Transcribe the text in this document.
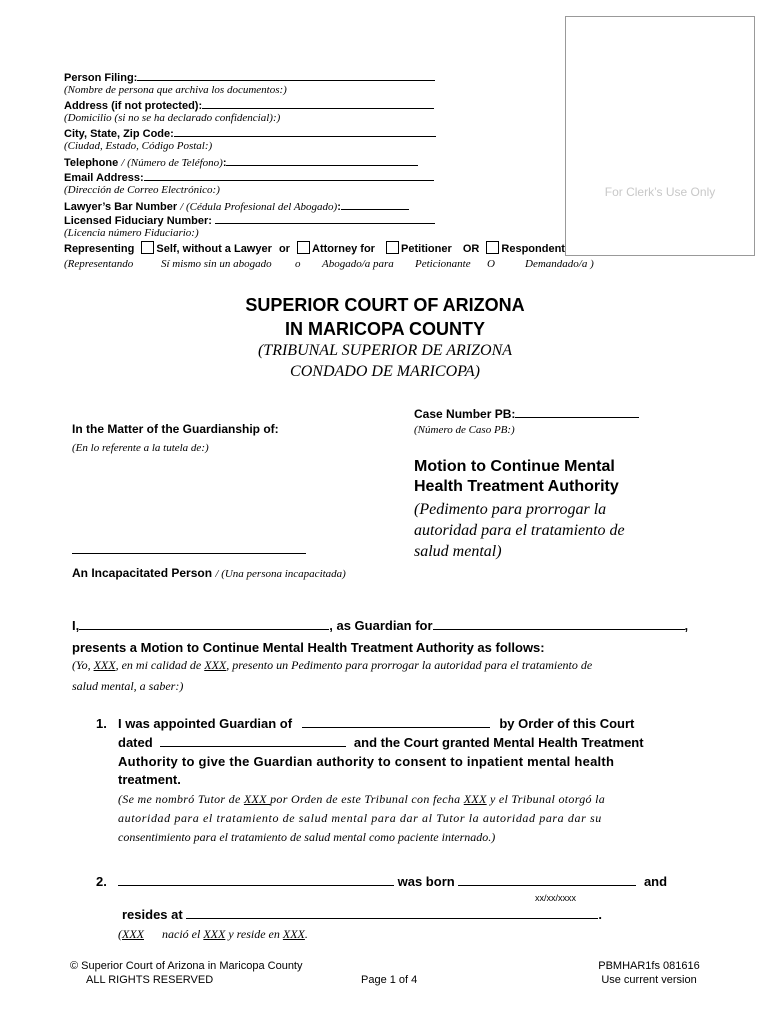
For Clerk’s Use Only
Person Filing:
(Nombre de persona que archiva los documentos:)
Address (if not protected):
(Domicilio (si no se ha declarado confidencial):)
City, State, Zip Code:
(Ciudad, Estado, Código Postal:)
Telephone / (Número de Teléfono):
Email Address:
(Dirección de Correo Electrónico:)
Lawyer’s Bar Number / (Cédula Profesional del Abogado):
Licensed Fiduciary Number:
(Licencia número Fiduciario:)
Representing Self, without a Lawyer or Attorney for Petitioner OR Respondent
(Representando	Sí mismo sin un abogado o Abogado/a para Peticionante O	Demandado/a )
SUPERIOR COURT OF ARIZONA
IN MARICOPA COUNTY
(TRIBUNAL SUPERIOR DE ARIZONA
CONDADO DE MARICOPA)
In the Matter of the Guardianship of:
(En lo referente a la tutela de:)
An Incapacitated Person / (Una persona incapacitada)
Case Number PB:
(Número de Caso PB:)
Motion to Continue Mental
Health Treatment Authority
(Pedimento para prorrogar la
autoridad para el tratamiento de
salud mental)
I,	, as Guardian for	,
presents a Motion to Continue Mental Health Treatment Authority as follows:
(Yo, XXX, en mi calidad de XXX, presento un Pedimento para prorrogar la autoridad para el tratamiento de
salud mental, a saber:)
1. I was appointed Guardian of	by Order of this Court
dated	and the Court granted Mental Health Treatment
Authority to give the Guardian authority to consent to inpatient mental health
treatment.
(Se me nombró Tutor de XXX por Orden de este Tribunal con fecha XXX y el Tribunal otorgó la
autoridad para el tratamiento de salud mental para dar al Tutor la autoridad para dar su
consentimiento para el tratamiento de salud mental como paciente internado.)
2.	was born	and
xx/xx/xxxx
resides at	.
(XXX      nació el XXX y reside en XXX.
© Superior Court of Arizona in Maricopa County
ALL RIGHTS RESERVED	Page 1 of 4
PBMHAR1fs 081616
Use current version
